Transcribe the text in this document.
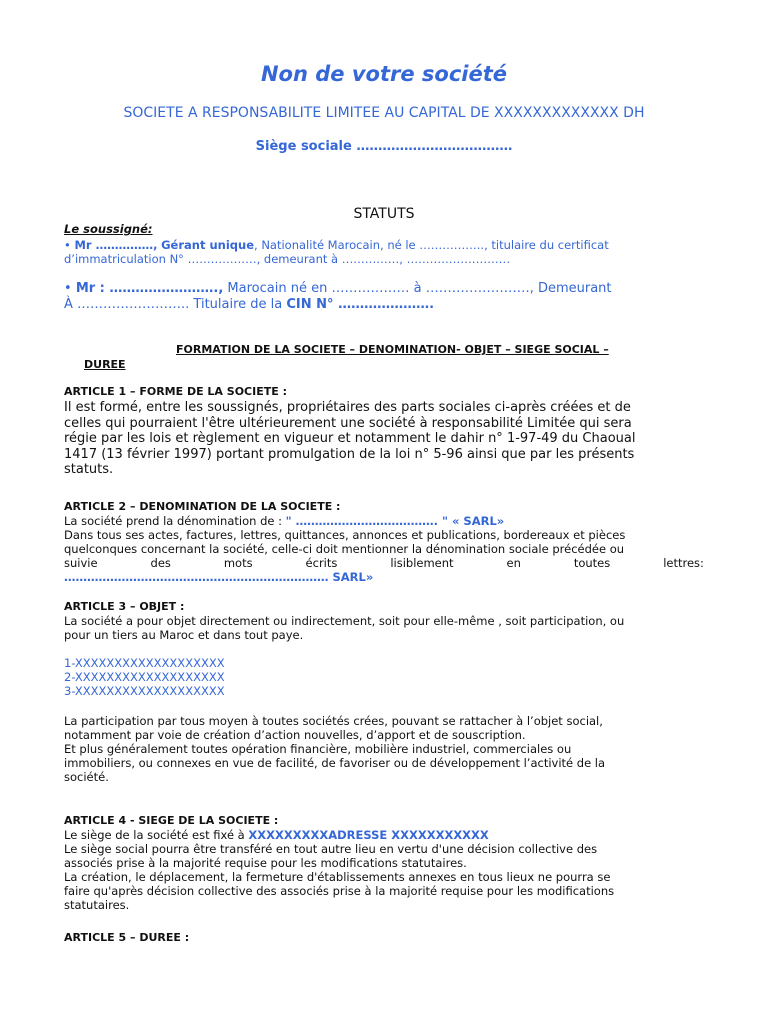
Non de votre société
SOCIETE A RESPONSABILITE LIMITEE AU CAPITAL DE XXXXXXXXXXXXX DH
Siège sociale ………………………………
STATUTS
Le soussigné:
• Mr ……………, Gérant unique, Nationalité Marocain, né le …………….., titulaire du certificat
d’immatriculation N° ………………, demeurant à ……………, ………………………
• Mr : ……………………., Marocain né en ……………… à ……………………, Demeurant
À …………………….. Titulaire de la CIN N° ………………….
FORMATION DE LA SOCIETE – DENOMINATION- OBJET – SIEGE SOCIAL –
DUREE
ARTICLE 1 – FORME DE LA SOCIETE :
Il est formé, entre les soussignés, propriétaires des parts sociales ci-après créées et de
celles qui pourraient l'être ultérieurement une société à responsabilité Limitée qui sera
régie par les lois et règlement en vigueur et notamment le dahir n° 1-97-49 du Chaoual
1417 (13 février 1997) portant promulgation de la loi n° 5-96 ainsi que par les présents
statuts.
ARTICLE 2 – DENOMINATION DE LA SOCIETE :
La société prend la dénomination de : " ………………………………. " « SARL»
Dans tous ses actes, factures, lettres, quittances, annonces et publications, bordereaux et pièces
quelconques concernant la société, celle-ci doit mentionner la dénomination sociale précédée ou
suivie	des	mots	écrits	lisiblement	en	toutes	lettres:
…………………………………………………………… SARL»
ARTICLE 3 – OBJET :
La société a pour objet directement ou indirectement, soit pour elle-même , soit participation, ou
pour un tiers au Maroc et dans tout paye.
1-XXXXXXXXXXXXXXXXXXX
2-XXXXXXXXXXXXXXXXXXX
3-XXXXXXXXXXXXXXXXXXX
La participation par tous moyen à toutes sociétés crées, pouvant se rattacher à l’objet social,
notamment par voie de création d’action nouvelles, d’apport et de souscription.
Et plus généralement toutes opération financière, mobilière industriel, commerciales ou
immobiliers, ou connexes en vue de facilité, de favoriser ou de développement l’activité de la
société.
ARTICLE 4 - SIEGE DE LA SOCIETE :
Le siège de la société est fixé à XXXXXXXXXADRESSE XXXXXXXXXXX
Le siège social pourra être transféré en tout autre lieu en vertu d'une décision collective des
associés prise à la majorité requise pour les modifications statutaires.
La création, le déplacement, la fermeture d'établissements annexes en tous lieux ne pourra se
faire qu'après décision collective des associés prise à la majorité requise pour les modifications
statutaires.
ARTICLE 5 – DUREE :
